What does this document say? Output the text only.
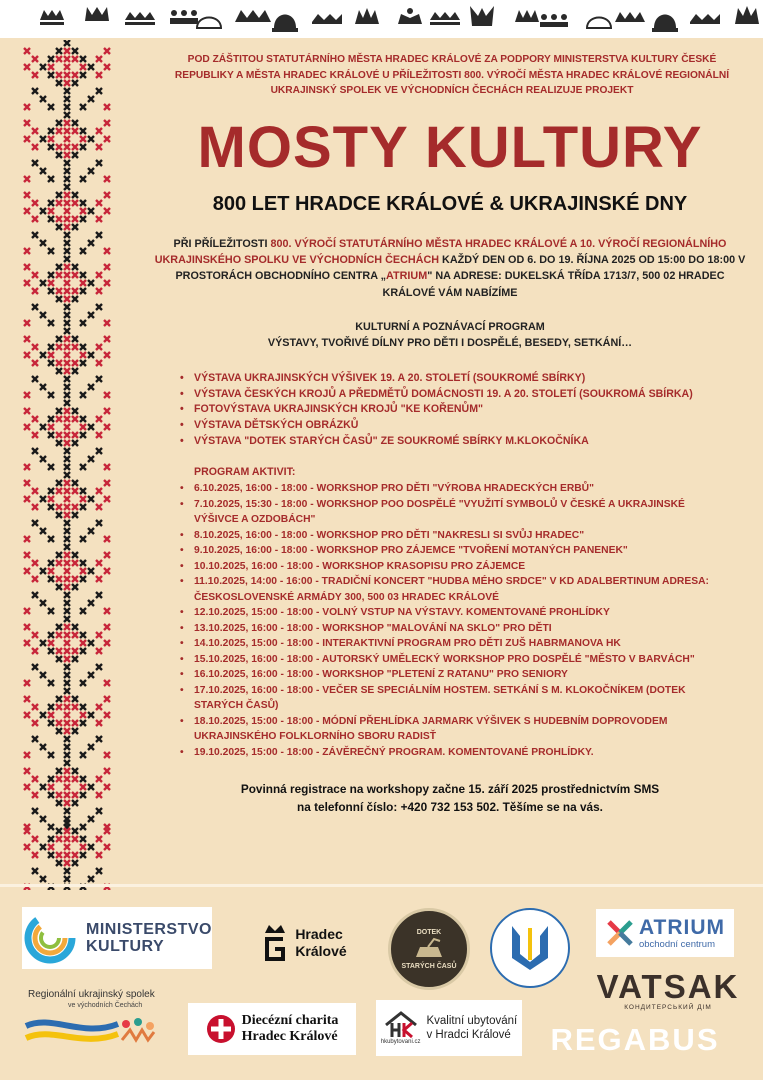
POD ZÁŠTITOU STATUTÁRNÍHO MĚSTA HRADEC KRÁLOVÉ ZA PODPORY MINISTERSTVA KULTURY ČESKÉ REPUBLIKY A MĚSTA HRADEC KRÁLOVÉ U PŘÍLEŽITOSTI 800. VÝROČÍ MĚSTA HRADEC KRÁLOVÉ REGIONÁLNÍ UKRAJINSKÝ SPOLEK VE VÝCHODNÍCH ČECHÁCH REALIZUJE PROJEKT
MOSTY KULTURY
800 LET HRADCE KRÁLOVÉ & UKRAJINSKÉ DNY
PŘI PŘÍLEŽITOSTI 800. VÝROČÍ STATUTÁRNÍHO MĚSTA HRADEC KRÁLOVÉ A 10. VÝROČÍ REGIONÁLNÍHO UKRAJINSKÉHO SPOLKU VE VÝCHODNÍCH ČECHÁCH KAŽDÝ DEN OD 6. DO 19. ŘÍJNA 2025 OD 15:00 DO 18:00 V PROSTORÁCH OBCHODNÍHO CENTRA „ATRIUM" NA ADRESE: DUKELSKÁ TŘÍDA 1713/7, 500 02 HRADEC KRÁLOVÉ VÁM NABÍZÍME
KULTURNÍ A POZNÁVACÍ PROGRAM
VÝSTAVY, TVOŘIVÉ DÍLNY PRO DĚTI I DOSPĚLÉ, BESEDY, SETKÁNÍ…
• VÝSTAVA UKRAJINSKÝCH VÝŠIVEK 19. A 20. STOLETÍ (SOUKROMÉ SBÍRKY)
• VÝSTAVA ČESKÝCH KROJŮ A PŘEDMĚTŮ DOMÁCNOSTI 19. A 20. STOLETÍ (SOUKROMÁ SBÍRKA)
• FOTOVÝSTAVA UKRAJINSKÝCH KROJŮ "KE KOŘENŮM"
• VÝSTAVA DĚTSKÝCH OBRÁZKŮ
• VÝSTAVA "DOTEK STARÝCH ČASŮ" ZE SOUKROMÉ SBÍRKY M.KLOKOČNÍKA
PROGRAM AKTIVIT:
• 6.10.2025, 16:00 - 18:00 - WORKSHOP PRO DĚTI "VÝROBA HRADECKÝCH ERBŮ"
• 7.10.2025, 15:30 - 18:00 - WORKSHOP POO DOSPĚLÉ "VYUŽITÍ SYMBOLŮ V ČESKÉ A UKRAJINSKÉ VÝŠIVCE A OZDOBÁCH"
• 8.10.2025, 16:00 - 18:00 - WORKSHOP PRO DĚTI "NAKRESLI SI SVŮJ HRADEC"
• 9.10.2025, 16:00 - 18:00 - WORKSHOP PRO ZÁJEMCE "TVOŘENÍ MOTANÝCH PANENEK"
• 10.10.2025, 16:00 - 18:00 - WORKSHOP KRASOPISU PRO ZÁJEMCE
• 11.10.2025, 14:00 - 16:00 - TRADIČNÍ KONCERT "HUDBA MÉHO SRDCE" V KD ADALBERTINUM ADRESA: ČESKOSLOVENSKÉ ARMÁDY 300, 500 03 HRADEC KRÁLOVÉ
• 12.10.2025, 15:00 - 18:00 - VOLNÝ VSTUP NA VÝSTAVY. KOMENTOVANÉ PROHLÍDKY
• 13.10.2025, 16:00 - 18:00 - WORKSHOP "MALOVÁNÍ NA SKLO" PRO DĚTI
• 14.10.2025, 15:00 - 18:00 - INTERAKTIVNÍ PROGRAM PRO DĚTI ZUŠ HABRMANOVA HK
• 15.10.2025, 16:00 - 18:00 - AUTORSKÝ UMĚLECKÝ WORKSHOP PRO DOSPĚLÉ "MĚSTO V BARVÁCH"
• 16.10.2025, 16:00 - 18:00 - WORKSHOP "PLETENÍ Z RATANU" PRO SENIORY
• 17.10.2025, 16:00 - 18:00 - VEČER SE SPECIÁLNÍM HOSTEM. SETKÁNÍ S M. KLOKOČNÍKEM (DOTEK STARÝCH ČASŮ)
• 18.10.2025, 15:00 - 18:00 - MÓDNÍ PŘEHLÍDKA JARMARK VÝŠIVEK S HUDEBNÍM DOPROVODEM UKRAJINSKÉHO FOLKLORNÍHO SBORU RADISŤ
• 19.10.2025, 15:00 - 18:00 - ZÁVĚREČNÝ PROGRAM. KOMENTOVANÉ PROHLÍDKY.
Povinná registrace na workshopy začne 15. září 2025 prostřednictvím SMS
na telefonní číslo: +420 732 153 502. Těšíme se na vás.
MINISTERSTVO
KULTURY
Hradec
Králové
DOTEK
STARÝCH ČASŮ
ATRIUM
obchodní centrum
VATSAK
КОНДИТЕРСЬКИЙ ДІМ
REGABUS
Regionální ukrajinský spolek
ve východních Čechách
Diecézní charita
Hradec Králové	hkubytovani.cz
Kvalitní ubytování
v Hradci Králové
